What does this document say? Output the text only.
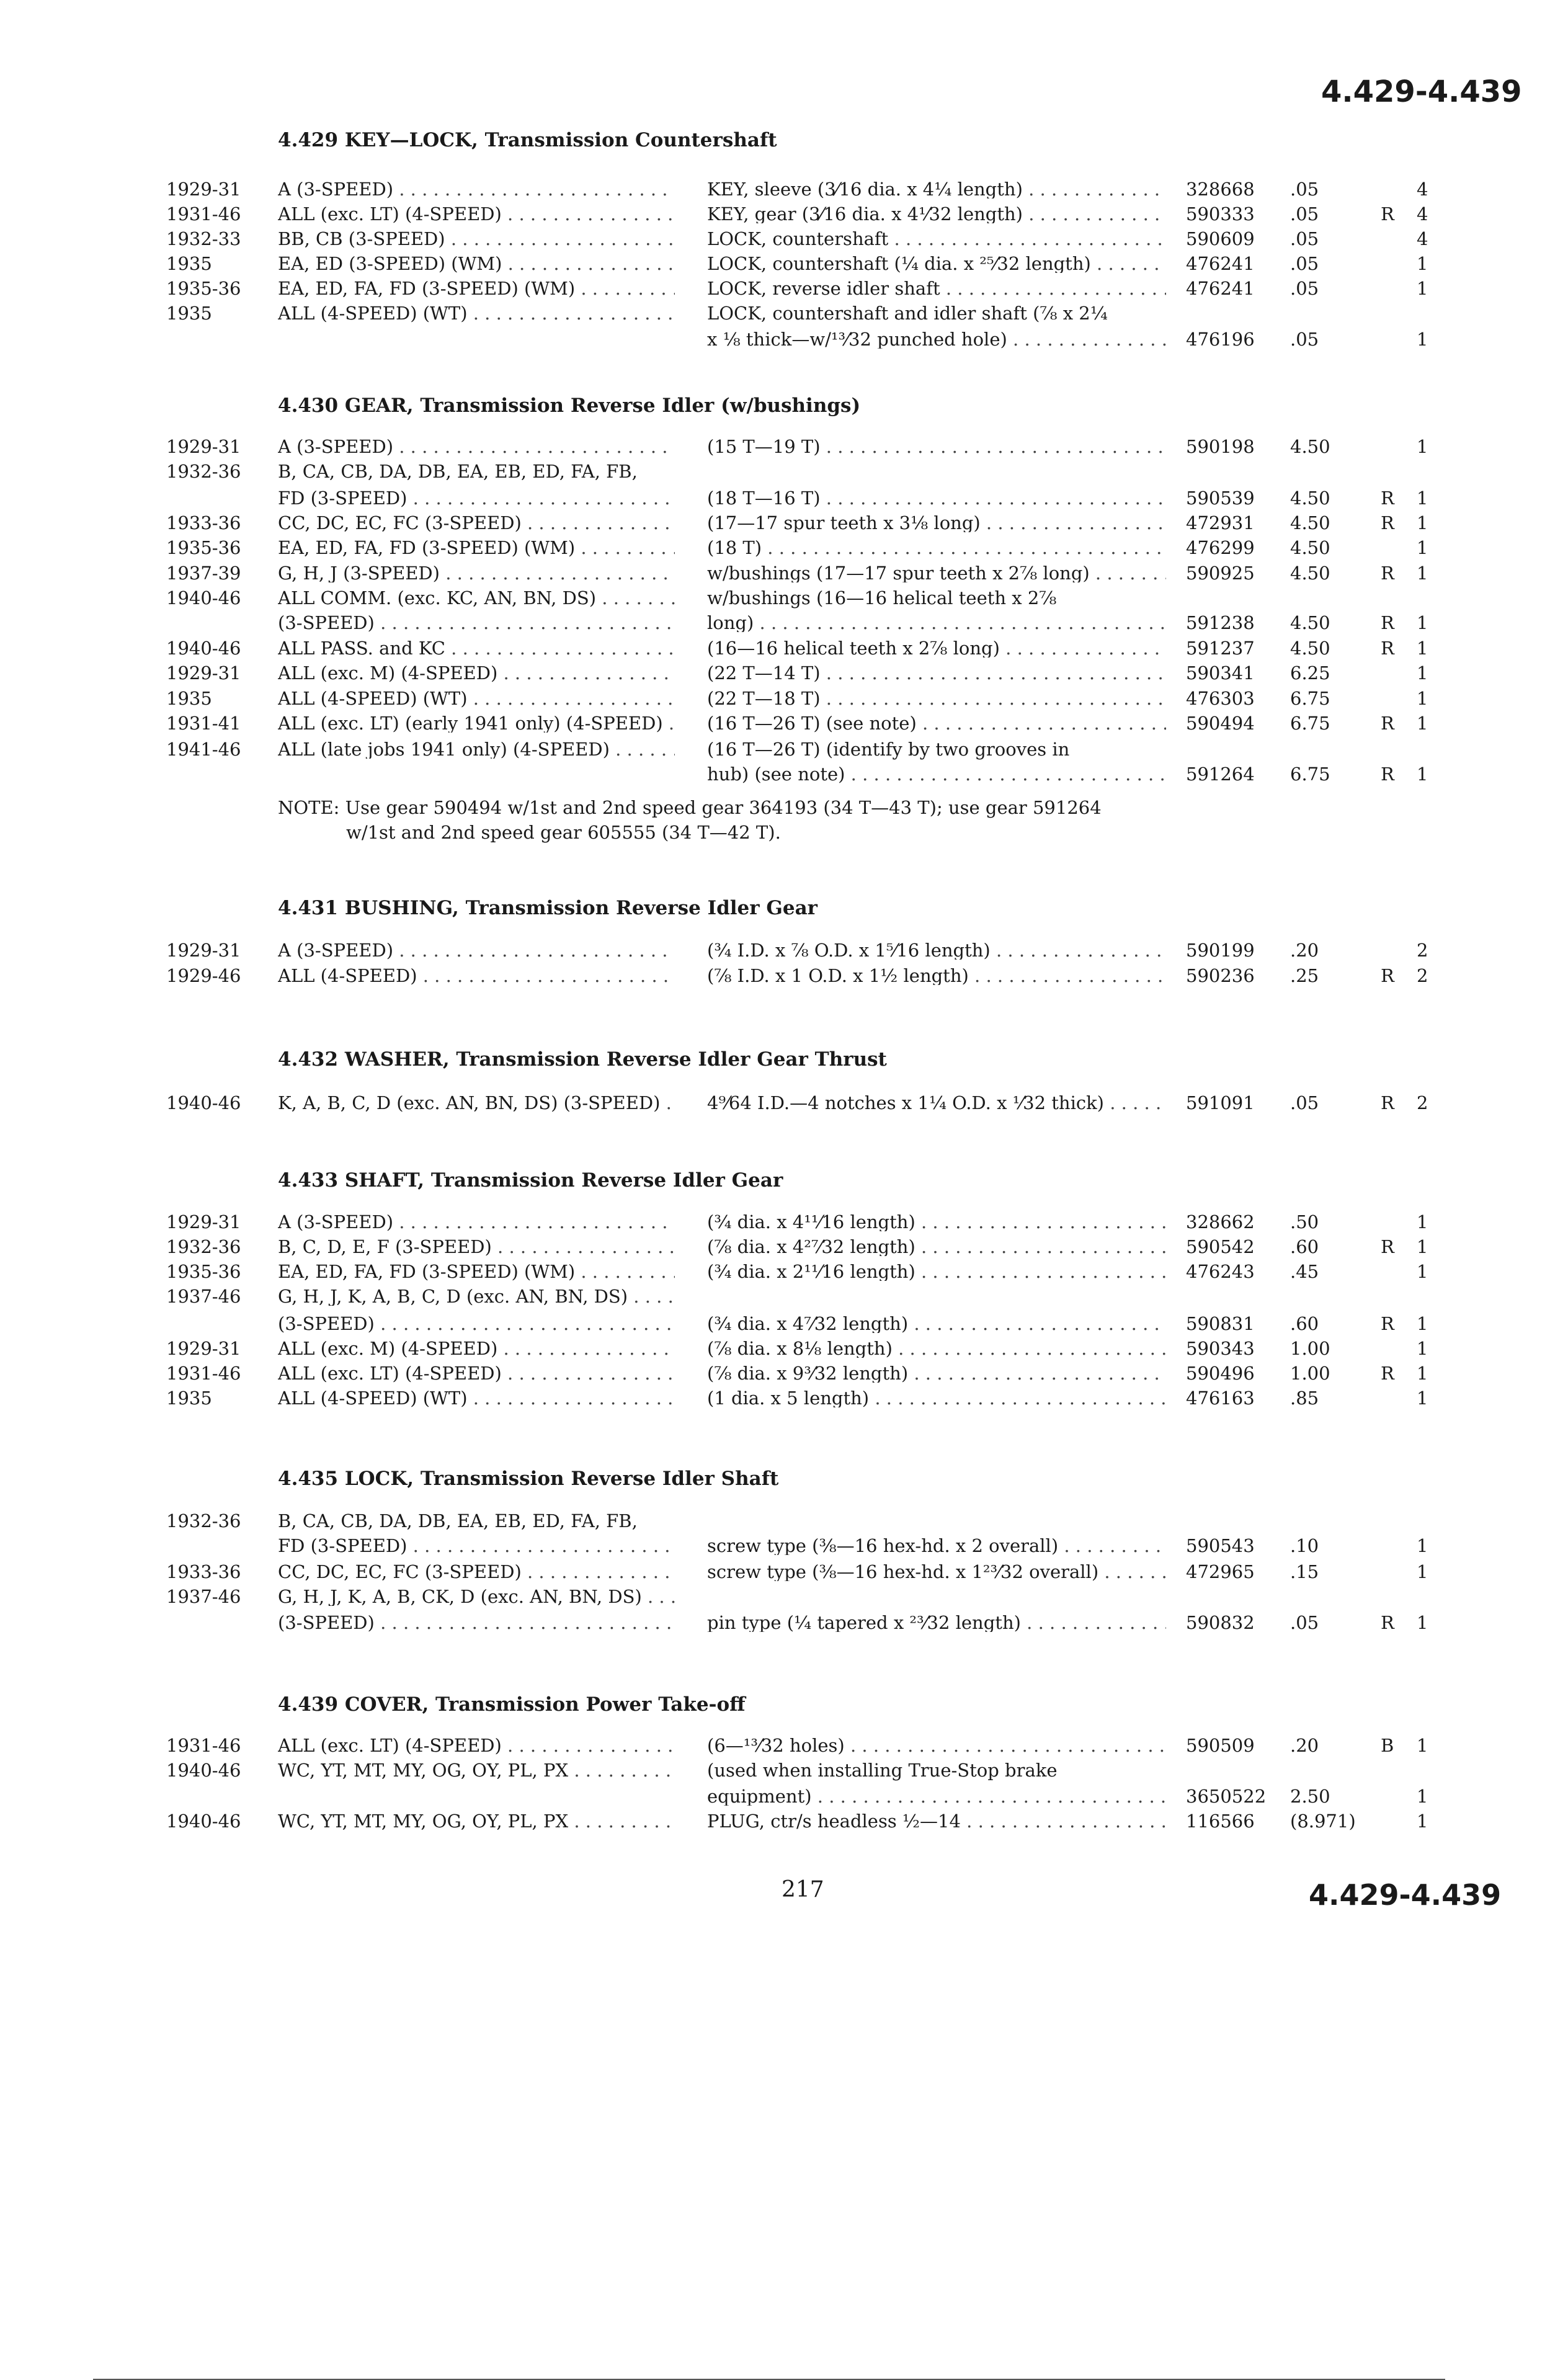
4.429-4.439
4.429 KEY—LOCK, Transmission Countershaft
1929-31 A (3-SPEED) . . .	KEY, sleeve (3⁄16 dia. x 4¼ length) . . .	328668 .05	4
1931-46 ALL (exc. LT) (4-SPEED) . . .	KEY, gear (3⁄16 dia. x 4¹⁄32 length) . . .	590333 .05	R 4
1932-33 BB, CB (3-SPEED) . . .	LOCK, countershaft . . .	590609 .05	4
1935	EA, ED (3-SPEED) (WM) . . .	LOCK, countershaft (¼ dia. x ²⁵⁄32 length) . . .	476241 .05	1
1935-36 EA, ED, FA, FD (3-SPEED) (WM) . . .	LOCK, reverse idler shaft . . .	476241 .05	1
1935	ALL (4-SPEED) (WT) . . .	LOCK, countershaft and idler shaft (⅞ x 2¼
x ⅛ thick—w/¹³⁄32 punched hole) . . .	476196 .05	1
4.430 GEAR, Transmission Reverse Idler (w/bushings)
1929-31 A (3-SPEED) . . .	(15 T—19 T) . . .	590198 4.50	1
1932-36 B, CA, CB, DA, DB, EA, EB, ED, FA, FB,
FD (3-SPEED) . . .	(18 T—16 T) . . .	590539 4.50	R 1
1933-36 CC, DC, EC, FC (3-SPEED) . . .	(17—17 spur teeth x 3⅛ long) . . .	472931 4.50	R 1
1935-36 EA, ED, FA, FD (3-SPEED) (WM) . . .	(18 T) . . .	476299 4.50	1
1937-39 G, H, J (3-SPEED) . . .	w/bushings (17—17 spur teeth x 2⅞ long) . . .	590925 4.50	R 1
1940-46 ALL COMM. (exc. KC, AN, BN, DS) . . .	w/bushings (16—16 helical teeth x 2⅞
(3-SPEED) . . .	long) . . .	591238 4.50	R 1
1940-46 ALL PASS. and KC . . .	(16—16 helical teeth x 2⅞ long) . . .	591237 4.50	R 1
1929-31 ALL (exc. M) (4-SPEED) . . .	(22 T—14 T) . . .	590341 6.25	1
1935	ALL (4-SPEED) (WT) . . .	(22 T—18 T) . . .	476303 6.75	1
1931-41 ALL (exc. LT) (early 1941 only) (4-SPEED) . . .	(16 T—26 T) (see note) . . .	590494 6.75	R 1
1941-46 ALL (late jobs 1941 only) (4-SPEED) . . .	(16 T—26 T) (identify by two grooves in
hub) (see note) . . .	591264 6.75	R 1
NOTE: Use gear 590494 w/1st and 2nd speed gear 364193 (34 T—43 T); use gear 591264
w/1st and 2nd speed gear 605555 (34 T—42 T).
4.431 BUSHING, Transmission Reverse Idler Gear
1929-31 A (3-SPEED) . . .	(¾ I.D. x ⅞ O.D. x 1⁵⁄16 length) . . .	590199 .20	2
1929-46 ALL (4-SPEED) . . .	(⅞ I.D. x 1 O.D. x 1½ length) . . .	590236 .25	R 2
4.432 WASHER, Transmission Reverse Idler Gear Thrust
1940-46 K, A, B, C, D (exc. AN, BN, DS) (3-SPEED) . . .	4⁹⁄64 I.D.—4 notches x 1¼ O.D. x ¹⁄32 thick) . . .	591091 .05	R 2
4.433 SHAFT, Transmission Reverse Idler Gear
1929-31 A (3-SPEED) . . .	(¾ dia. x 4¹¹⁄16 length) . . .	328662 .50	1
1932-36 B, C, D, E, F (3-SPEED) . . .	(⅞ dia. x 4²⁷⁄32 length) . . .	590542 .60	R 1
1935-36 EA, ED, FA, FD (3-SPEED) (WM) . . .	(¾ dia. x 2¹¹⁄16 length) . . .	476243 .45	1
1937-46 G, H, J, K, A, B, C, D (exc. AN, BN, DS) . . .
(3-SPEED) . . .	(¾ dia. x 4⁷⁄32 length) . . .	590831 .60	R 1
1929-31 ALL (exc. M) (4-SPEED) . . .	(⅞ dia. x 8⅛ length) . . .	590343 1.00	1
1931-46 ALL (exc. LT) (4-SPEED) . . .	(⅞ dia. x 9³⁄32 length) . . .	590496 1.00	R 1
1935	ALL (4-SPEED) (WT) . . .	(1 dia. x 5 length) . . .	476163 .85	1
4.435 LOCK, Transmission Reverse Idler Shaft
1932-36 B, CA, CB, DA, DB, EA, EB, ED, FA, FB,
FD (3-SPEED) . . .	screw type (⅜—16 hex-hd. x 2 overall) . . .	590543 .10	1
1933-36 CC, DC, EC, FC (3-SPEED) . . .	screw type (⅜—16 hex-hd. x 1²³⁄32 overall) . . .	472965 .15	1
1937-46 G, H, J, K, A, B, CK, D (exc. AN, BN, DS) . . .
(3-SPEED) . . .	pin type (¼ tapered x ²³⁄32 length) . . .	590832 .05	R 1
4.439 COVER, Transmission Power Take-off
1931-46 ALL (exc. LT) (4-SPEED) . . .	(6—¹³⁄32 holes) . . .	590509 .20	B 1
1940-46 WC, YT, MT, MY, OG, OY, PL, PX . . .	(used when installing True-Stop brake
equipment) . . .	3650522 2.50	1
1940-46 WC, YT, MT, MY, OG, OY, PL, PX . . .	PLUG, ctr/s headless ½—14 . . .	116566 (8.971)	1
217	4.429-4.439
